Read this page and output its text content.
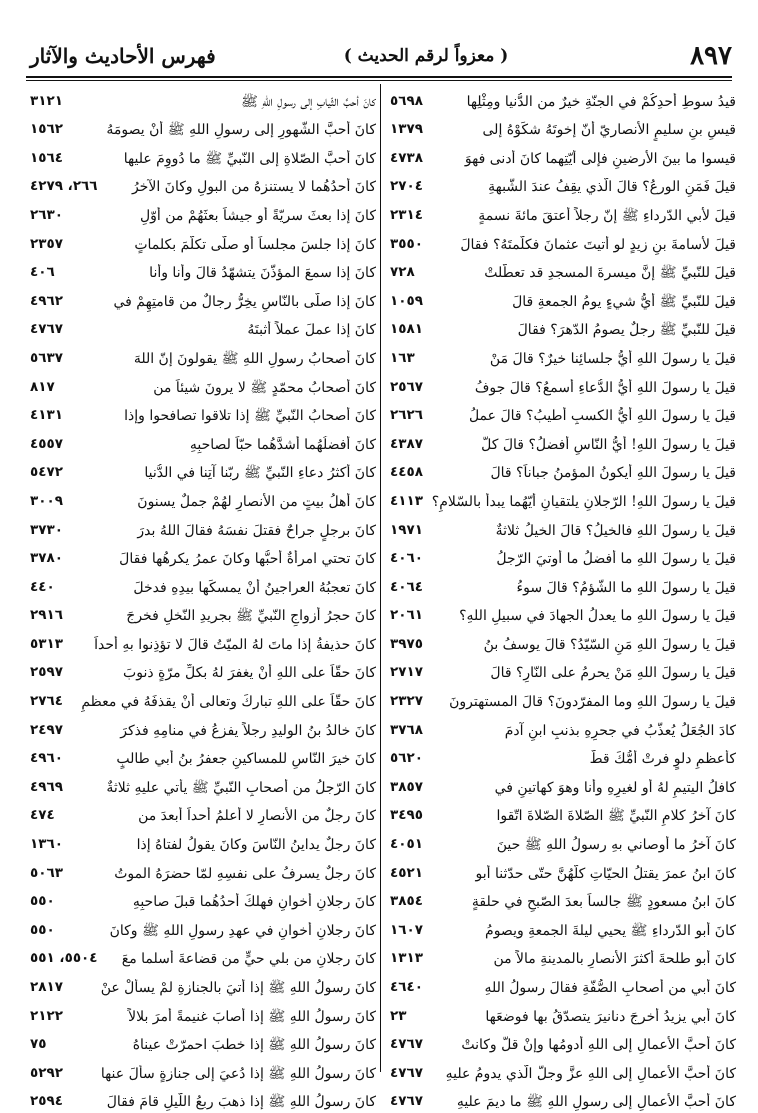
٨٩٧
( معزواً لرقم الحديث )
فهرس الأحاديث والآثار
قيدُ سوطِ أحدِكُمْ في الجنّةِ خيرٌ من الدُّنيا ومِثْلِها
٥٦٩٨
قيسِ بنِ سليمٍ الأنصاريّ أنّ إخوتَهُ شكَوْهُ إلى
١٣٧٩
قيسوا ما بينَ الأرضينِ فإلى أيّتِهما كانَ أدنى فهوَ
٤٧٣٨
قيلَ فَمَنِ الورعُ؟ قالَ الّذي يقِفُ عندَ الشُّبهةِ
٢٧٠٤
قيلَ لأبي الدّرداءِ ﷺ إنّ رجلاً أعتقَ مائةَ نسمةٍ
٢٣١٤
قيلَ لأسامةَ بنِ زيدٍ لو أتيتَ عثمانَ فكلّمتَهُ؟ فقالَ
٣٥٥٠
قيلَ للنّبيِّ ﷺ إنَّ ميسرةَ المسجدِ قد تعطّلتْ
٧٢٨
قيلَ للنّبيِّ ﷺ أيُّ شيءٍ يومُ الجمعةِ قالَ
١٠٥٩
قيلَ للنّبيِّ ﷺ رجلٌ يصومُ الدّهرَ؟ فقالَ
١٥٨١
قيلَ يا رسولَ اللهِ أيُّ جلسائِنا خيرٌ؟ قالَ مَنْ
١٦٣
قيلَ يا رسولَ اللهِ أيُّ الدُّعاءِ أسمعُ؟ قالَ جوفُ
٢٥٦٧
قيلَ يا رسولَ اللهِ أيُّ الكسبِ أطيبُ؟ قالَ عملُ
٢٦٢٦
قيلَ يا رسولَ اللهِ! أيُّ النّاسِ أفضلُ؟ قالَ كلُّ
٤٣٨٧
قيلَ يا رسولَ اللهِ أيكونُ المؤمنُ جباناً؟ قالَ
٤٤٥٨
قيلَ يا رسولَ اللهِ! الرّجلانِ يلتقيانِ أيّهُما يبدأُ بالسّلامِ؟
٤١١٣
قيلَ يا رسولَ اللهِ فالخيلُ؟ قالَ الخيلُ ثلاثةٌ
١٩٧١
قيلَ يا رسولَ اللهِ ما أفضلُ ما أوتيَ الرّجلُ
٤٠٦٠
قيلَ يا رسولَ اللهِ ما الشّؤمُ؟ قالَ سوءُ
٤٠٦٤
قيلَ يا رسولَ اللهِ ما يعدلُ الجهادَ في سبيلِ اللهِ؟
٢٠٦١
قيلَ يا رسولَ اللهِ مَنِ السّيّدُ؟ قالَ يوسفُ بنُ
٣٩٧٥
قيلَ يا رسولَ اللهِ مَنْ يحرمُ على النّارِ؟ قالَ
٢٧١٧
قيلَ يا رسولَ اللهِ وما المفرّدونَ؟ قالَ المستهترونَ
٢٣٢٧
كادَ الجُعَلُ يُعذَّبُ في جحرِهِ بذنبِ ابنِ آدمَ
٣٧٦٨
كأعظمِ دلوٍ فرتْ أمُّكَ قطُّ
٥٦٢٠
كافلُ اليتيمِ لهُ أو لغيرِهِ وأنا وهوَ كهاتينِ في
٣٨٥٧
كانَ آخرُ كلامِ النّبيِّ ﷺ الصّلاةَ الصّلاةَ اتّقوا
٣٤٩٥
كانَ آخرُ ما أوصاني بهِ رسولُ اللهِ ﷺ حينَ
٤٠٥١
كانَ ابنُ عمرَ يقتلُ الحيّاتِ كلّهُنَّ حتّى حدّثنا أبو
٤٥٢١
كانَ ابنُ مسعودٍ ﷺ جالساً بعدَ الصّبحِ في حلقةٍ
٣٨٥٤
كانَ أبو الدّرداءِ ﷺ يحيي ليلةَ الجمعةِ ويصومُ
١٦٠٧
كانَ أبو طلحةَ أكثرَ الأنصارِ بالمدينةِ مالاً من
١٣١٣
كانَ أبي من أصحابِ الصُّفّةِ فقالَ رسولُ اللهِ
٤٦٤٠
كانَ أبي يزيدُ أخرجَ دنانيرَ يتصدّقُ بها فوضعَها
٢٣
كانَ أحبَّ الأعمالِ إلى اللهِ أدومُها وإنْ قلَّ وكانتْ
٤٧٦٧
كانَ أحبَّ الأعمالِ إلى اللهِ عزَّ وجلَّ الّذي يدومُ عليهِ
٤٧٦٧
كانَ أحبَّ الأعمالِ إلى رسولِ اللهِ ﷺ ما ديمَ عليهِ
٤٧٦٧
كانَ أحبَّ الثّيابِ إلى رسولِ اللهِ ﷺ
٣١٢١
كانَ أحبَّ الشّهورِ إلى رسولِ اللهِ ﷺ أنْ يصومَهُ
١٥٦٢
كانَ أحبَّ الصّلاةِ إلى النّبيِّ ﷺ ما دُووِمَ عليها
١٥٦٤
كانَ أحدُهُما لا يستنزهُ من البولِ وكانَ الآخرُ
٢٦٦، ٤٢٧٩
كانَ إذا بعثَ سريّةً أو جيشاً بعثَهُمْ من أوّلِ
٢٦٣٠
كانَ إذا جلسَ مجلساً أو صلّى تكلّمَ بكلماتٍ
٢٣٥٧
كانَ إذا سمعَ المؤذّنَ يتشهّدُ قالَ وأنا وأنا
٤٠٦
كانَ إذا صلّى بالنّاسِ يخِرُّ رجالٌ من قامتِهِمْ في
٤٩٦٢
كانَ إذا عملَ عملاً أثبتَهُ
٤٧٦٧
كانَ أصحابُ رسولِ اللهِ ﷺ يقولونَ إنّ اللهَ
٥٦٣٧
كانَ أصحابُ محمّدٍ ﷺ لا يرونَ شيئاً من
٨١٧
كانَ أصحابُ النّبيِّ ﷺ إذا تلاقوا تصافحوا وإذا
٤١٣١
كانَ أفضلُهُما أشدَّهُما حبّاً لصاحبِهِ
٤٥٥٧
كانَ أكثرُ دعاءِ النّبيِّ ﷺ ربّنا آتِنا في الدُّنيا
٥٤٧٢
كانَ أهلُ بيتٍ من الأنصارِ لهُمْ جملٌ يسنونَ
٣٠٠٩
كانَ برجلٍ جراحٌ فقتلَ نفسَهُ فقالَ اللهُ بدرَ
٣٧٣٠
كانَ تحتي امرأةٌ أحبُّها وكانَ عمرُ يكرهُها فقالَ
٣٧٨٠
كانَ تعجبُهُ العراجينُ أنْ يمسكَها بيدِهِ فدخلَ
٤٤٠
كانَ حجرُ أزواجِ النّبيِّ ﷺ بجريدِ النّخلِ فخرجَ
٢٩١٦
كانَ حذيفةُ إذا ماتَ لهُ الميّتُ قالَ لا تؤذِنوا بهِ أحداً
٥٣١٣
كانَ حقّاً على اللهِ أنْ يغفرَ لهُ بكلِّ مرّةٍ ذنوبَ
٢٥٩٧
كانَ حقّاً على اللهِ تباركَ وتعالى أنْ يقذفَهُ في معظمِ
٢٧٦٤
كانَ خالدُ بنُ الوليدِ رجلاً يفزعُ في منامِهِ فذكرَ
٢٤٩٧
كانَ خيرَ النّاسِ للمساكينِ جعفرُ بنُ أبي طالبٍ
٤٩٦٠
كانَ الرّجلُ من أصحابِ النّبيِّ ﷺ يأتي عليهِ ثلاثةٌ
٤٩٦٩
كانَ رجلٌ من الأنصارِ لا أعلمُ أحداً أبعدَ من
٤٧٤
كانَ رجلٌ يداينُ النّاسَ وكانَ يقولُ لفتاهُ إذا
١٣٦٠
كانَ رجلٌ يسرفُ على نفسِهِ لمّا حضرَهُ الموتُ
٥٠٦٣
كانَ رجلانِ أخوانِ فهلكَ أحدُهُما قبلَ صاحبِهِ
٥٥٠
كانَ رجلانِ أخوانِ في عهدِ رسولِ اللهِ ﷺ وكانَ
٥٥٠
كانَ رجلانِ من بلي حيٍّ من قضاعةَ أسلما معَ
٥٥٠٤، ٥٥١
كانَ رسولُ اللهِ ﷺ إذا أُتيَ بالجنازةِ لمْ يسألْ عنْ
٢٨١٧
كانَ رسولُ اللهِ ﷺ إذا أصابَ غنيمةً أمرَ بلالاً
٢١٢٢
كانَ رسولُ اللهِ ﷺ إذا خطبَ احمرّتْ عيناهُ
٧٥
كانَ رسولُ اللهِ ﷺ إذا دُعيَ إلى جنازةٍ سألَ عنها
٥٢٩٢
كانَ رسولُ اللهِ ﷺ إذا ذهبَ ربعُ اللّيلِ قامَ فقالَ
٢٥٩٤
